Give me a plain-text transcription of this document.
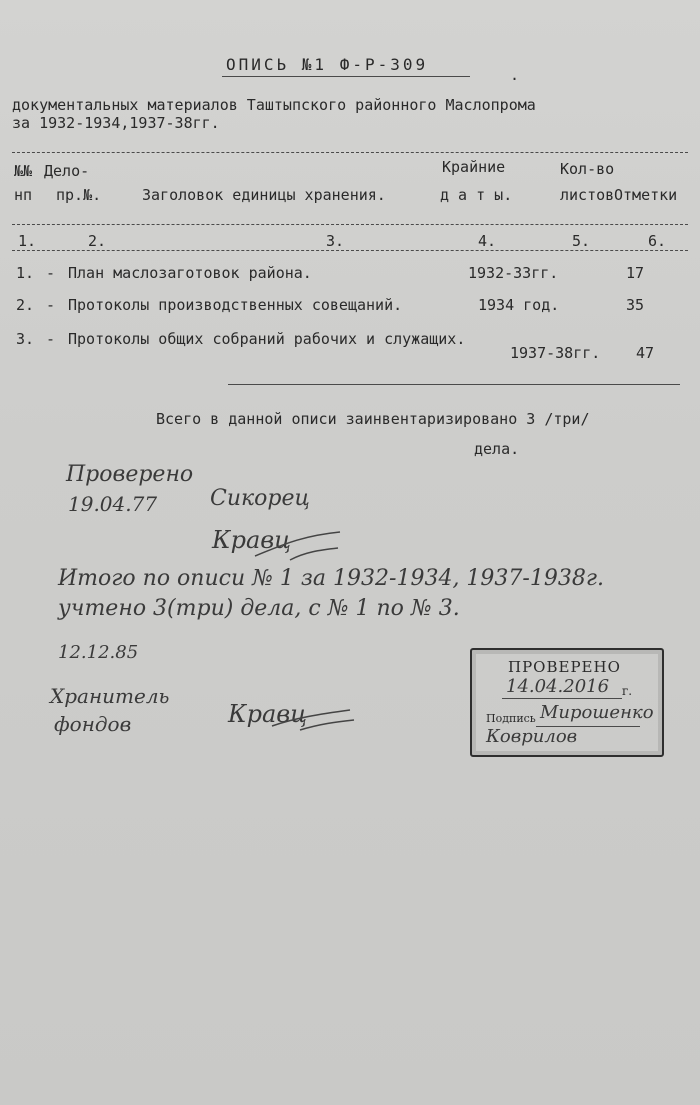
ОПИСЬ №1 Ф-Р-309
.
документальных материалов Таштыпского районного Маслопрома
за 1932-1934,1937-38гг.
№№ Дело-	Крайние	Кол-во
нп пр.№.	Заголовок единицы хранения.	д а т ы.	листов Отметки
1.	2.	3.	4.	5.	6.
1. - План маслозаготовок района.	1932-33гг.	17
2. - Протоколы производственных совещаний.	1934 год.	35
3. - Протоколы общих собраний рабочих и служащих.
1937-38гг. 47
Всего в данной описи заинвентаризировано 3 /три/
дела.
Проверено
19.04.77 Сикорец
Кравц
Итого по описи № 1 за 1932-1934, 1937-1938г.
учтено 3(три) дела, с № 1 по № 3.
12.12.85
Хранитель
фондов	Кравц
ПРОВЕРЕНО
14.04.2016 г.
Подпись Мирошенко
Коврилов
